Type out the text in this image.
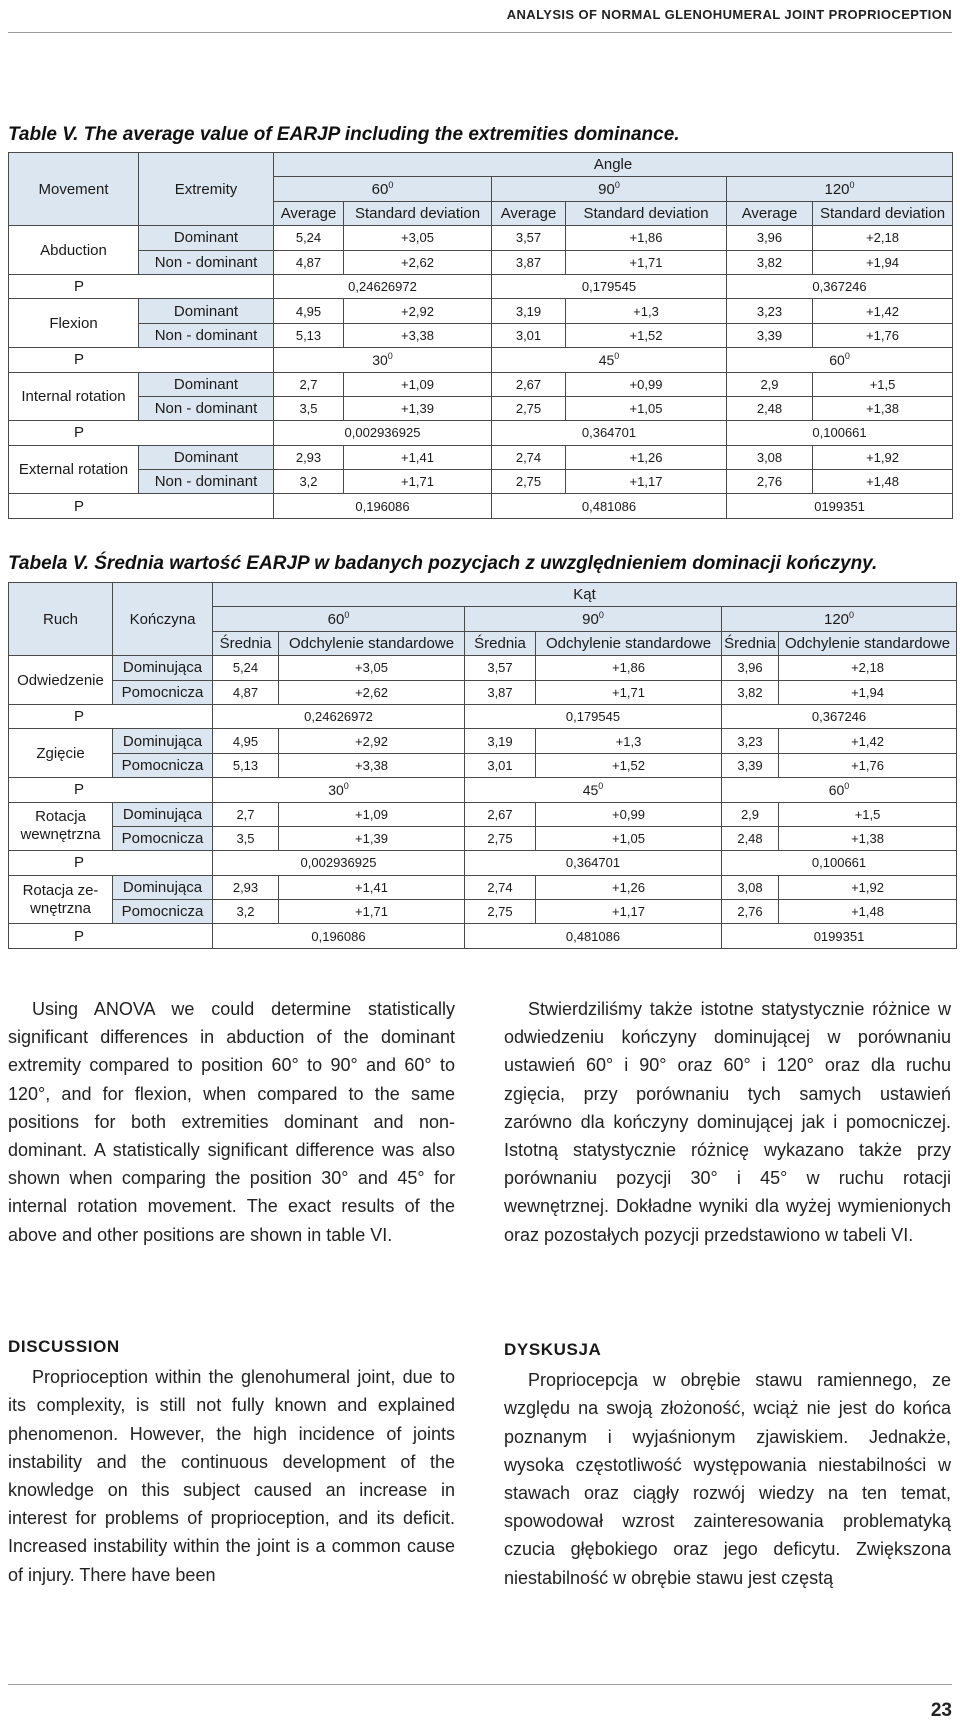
ANALYSIS OF NORMAL GLENOHUMERAL JOINT PROPRIOCEPTION
Table V. The average value of EARJP including the extremities dominance.
Movement	Extremity	Angle					
		$60^0$		$90^0$		$120^0$
		Average	Standard deviation	Average	Standard deviation	Average	Standard deviation
Abduction	Dominant	5,24	+3,05	3,57	+1,86	3,96	+2,18
	Non - dominant	4,87	+2,62	3,87	+1,71	3,82	+1,94
P		0,24626972		0,179545		0,367246	
Flexion	Dominant	4,95	+2,92	3,19	+1,3	3,23	+1,42
	Non - dominant	5,13	+3,38	3,01	+1,52	3,39	+1,76
P		$30^0$		$45^0$		$60^0$
Internal rotation	Dominant	2,7	+1,09	2,67	+0,99	2,9	+1,5
	Non - dominant	3,5	+1,39	2,75	+1,05	2,48	+1,38
P		0,002936925		0,364701		0,100661	
External rotation	Dominant	2,93	+1,41	2,74	+1,26	3,08	+1,92
	Non - dominant	3,2	+1,71	2,75	+1,17	2,76	+1,48
P		0,196086		0,481086		0199351	
Tabela V. Średnia wartość EARJP w badanych pozycjach z uwzględnieniem dominacji kończyny.
Ruch	Kończyna	Kąt					
		$60^0$		$90^0$		$120^0$
		Średnia	Odchylenie standardowe	Średnia	Odchylenie standardowe	Średnia	Odchylenie standardowe
Odwiedzenie	Dominująca	5,24	+3,05	3,57	+1,86	3,96	+2,18
	Pomocnicza	4,87	+2,62	3,87	+1,71	3,82	+1,94
P		0,24626972		0,179545		0,367246	
Zgięcie	Dominująca	4,95	+2,92	3,19	+1,3	3,23	+1,42
	Pomocnicza	5,13	+3,38	3,01	+1,52	3,39	+1,76
P		$30^0$		$45^0$		$60^0$
Rotacja
wewnętrzna	Dominująca	2,7	+1,09	2,67	+0,99	2,9	+1,5
	Pomocnicza	3,5	+1,39	2,75	+1,05	2,48	+1,38
P		0,002936925		0,364701		0,100661	
Rotacja ze-
wnętrzna	Dominująca	2,93	+1,41	2,74	+1,26	3,08	+1,92
	Pomocnicza	3,2	+1,71	2,75	+1,17	2,76	+1,48
P		0,196086		0,481086		0199351	

Using ANOVA we could determine statistically significant differences in abduction of the dominant extremity compared to position 60° to 90° and 60° to 120°, and for flexion, when compared to the same positions for both extremities dominant and non-dominant. A statistically significant difference was also shown when comparing the position 30° and 45° for internal rotation movement. The exact results of the above and other positions are shown in table VI.

Stwierdziliśmy także istotne statystycznie różnice w odwiedzeniu kończyny dominującej w porównaniu ustawień 60° i 90° oraz 60° i 120° oraz dla ruchu zgięcia, przy porównaniu tych samych ustawień zarówno dla kończyny dominującej jak i pomocniczej. Istotną statystycznie różnicę wykazano także przy porównaniu pozycji 30° i 45° w ruchu rotacji wewnętrznej. Dokładne wyniki dla wyżej wymienionych oraz pozostałych pozycji przedstawiono w tabeli VI.

DISCUSSION

Proprioception within the glenohumeral joint, due to its complexity, is still not fully known and explained phenomenon. However, the high incidence of joints instability and the continuous development of the knowledge on this subject caused an increase in interest for problems of proprioception, and its deficit. Increased instability within the joint is a common cause of injury. There have been

DYSKUSJA

Propriocepcja w obrębie stawu ramiennego, ze względu na swoją złożoność, wciąż nie jest do końca poznanym i wyjaśnionym zjawiskiem. Jednakże, wysoka częstotliwość występowania niestabilności w stawach oraz ciągły rozwój wiedzy na ten temat, spowodował wzrost zainteresowania problematyką czucia głębokiego oraz jego deficytu. Zwiększona niestabilność w obrębie stawu jest częstą

23
